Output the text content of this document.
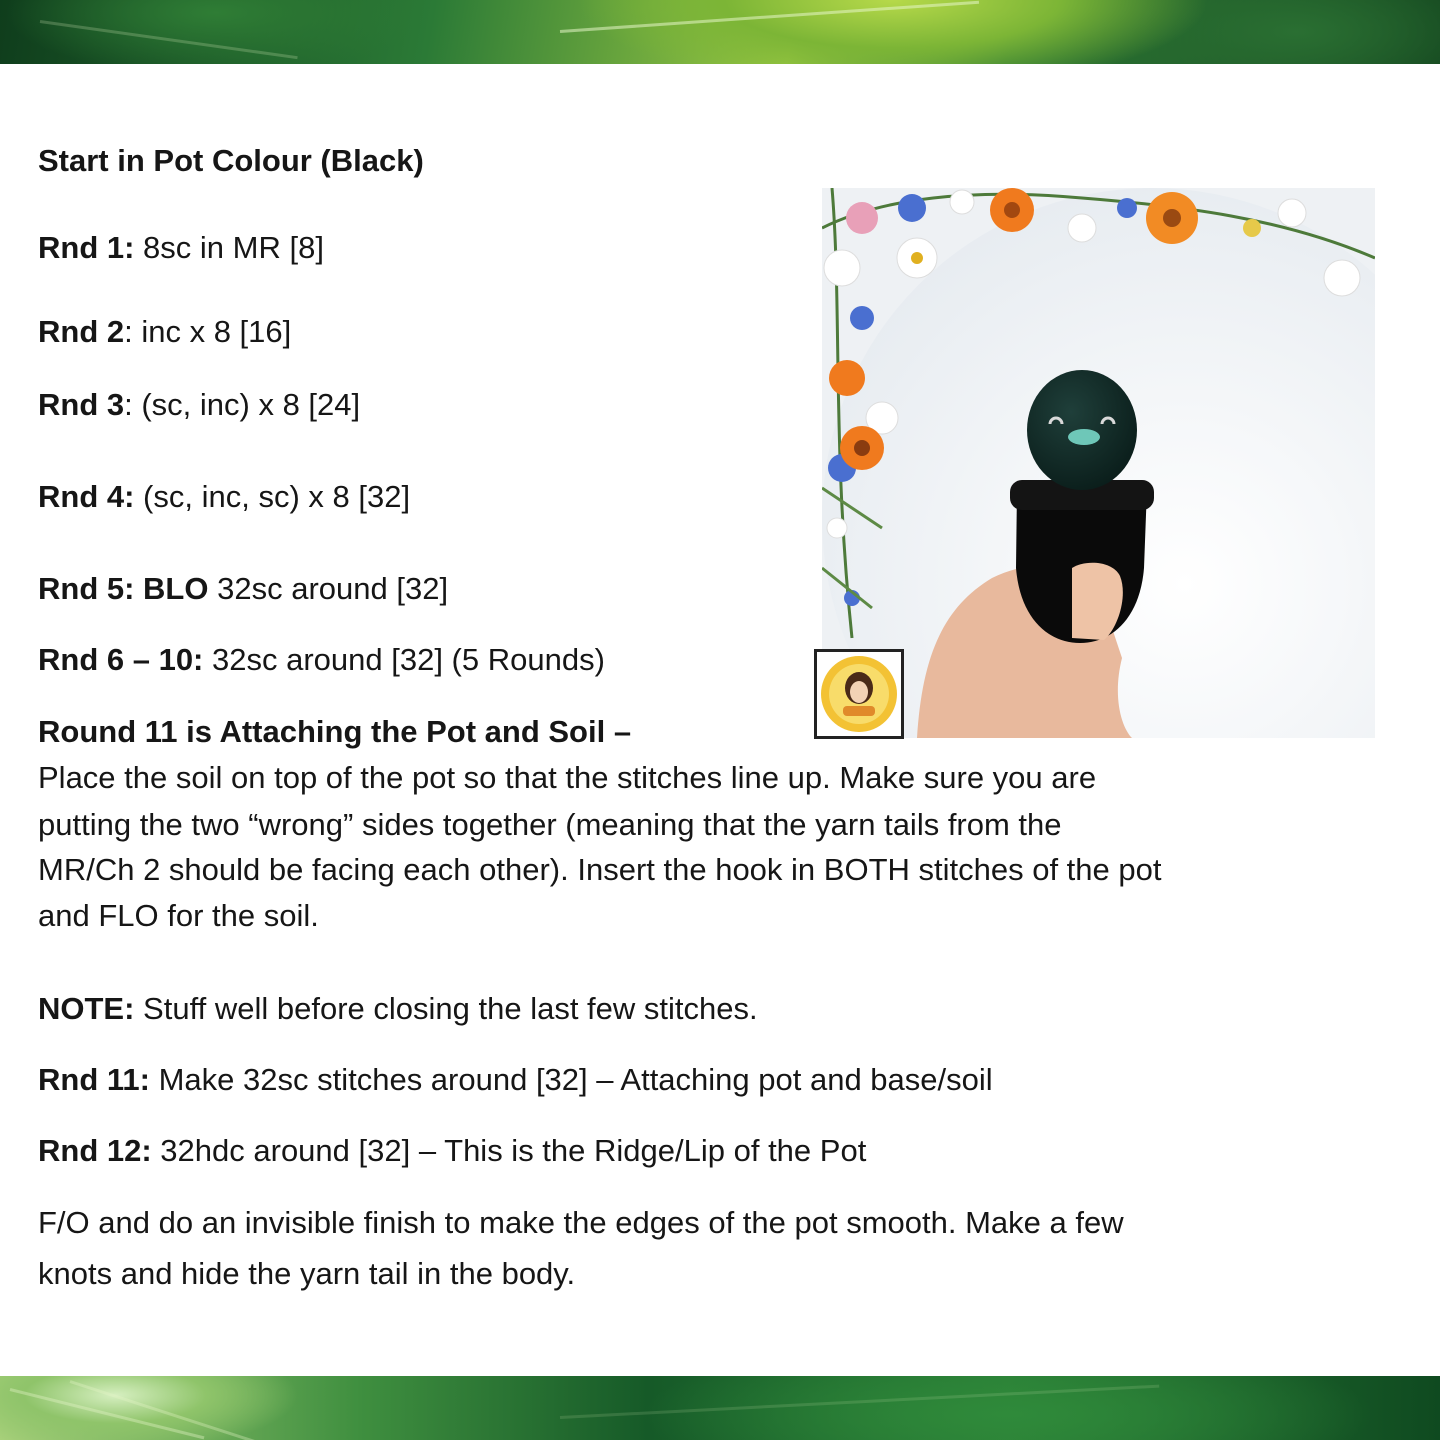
Start in Pot Colour (Black)
Rnd 1: 8sc in MR [8]
Rnd 2: inc x 8 [16]
Rnd 3: (sc, inc) x 8 [24]
Rnd 4: (sc, inc, sc) x 8 [32]
Rnd 5: BLO 32sc around [32]
Rnd 6 – 10: 32sc around [32] (5 Rounds)
Round 11 is Attaching the Pot and Soil –
Place the soil on top of the pot so that the stitches line up. Make sure you are
putting the two “wrong” sides together (meaning that the yarn tails from the
MR/Ch 2 should be facing each other). Insert the hook in BOTH stitches of the pot
and FLO for the soil.
NOTE: Stuff well before closing the last few stitches.
Rnd 11: Make 32sc stitches around [32] – Attaching pot and base/soil
Rnd 12: 32hdc around [32] – This is the Ridge/Lip of the Pot
F/O and do an invisible finish to make the edges of the pot smooth. Make a few
knots and hide the yarn tail in the body.
